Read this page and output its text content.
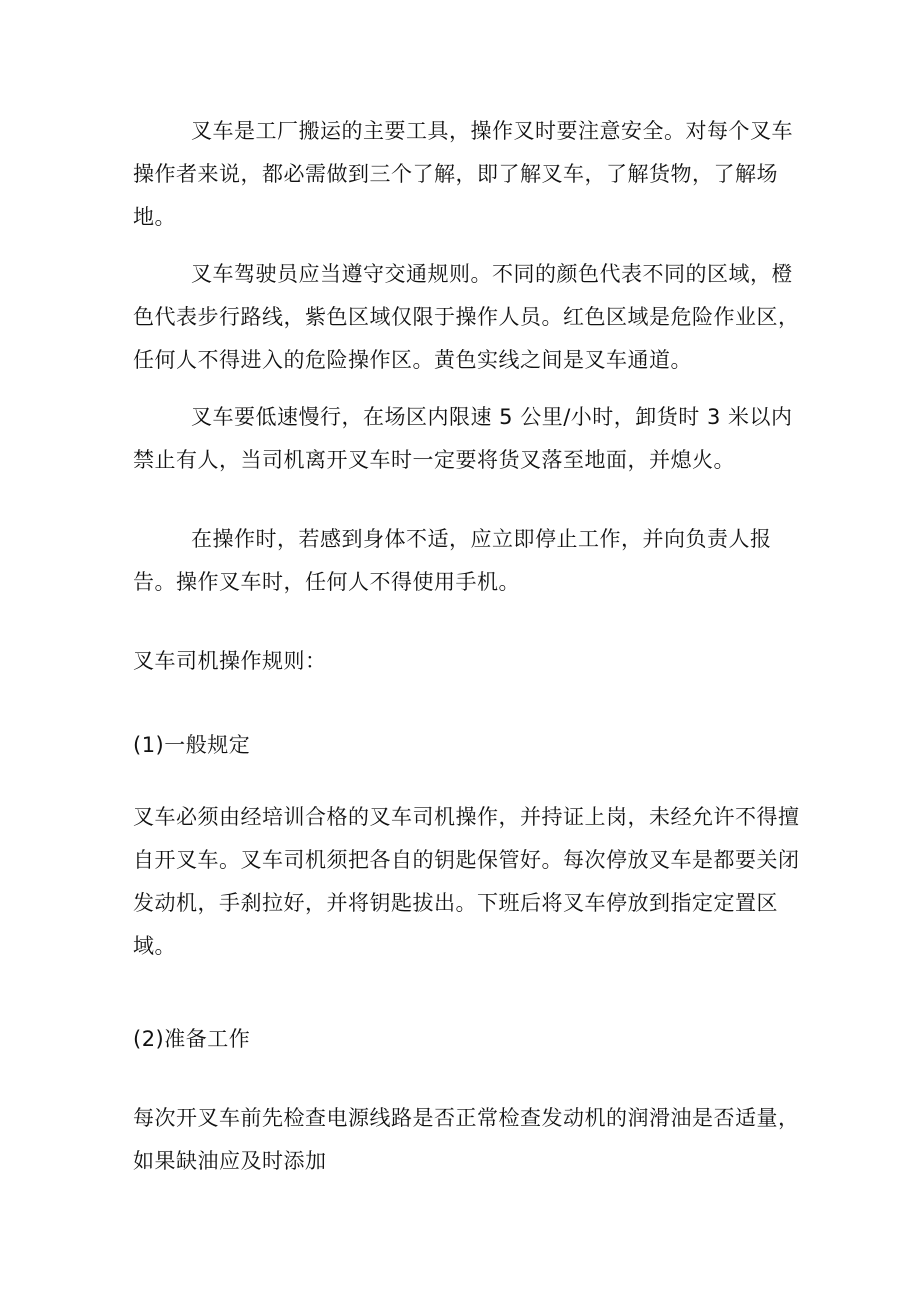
叉车是工厂搬运的主要工具，操作叉时要注意安全。对每个叉车操作者来说，都必需做到三个了解，即了解叉车，了解货物，了解场地。

叉车驾驶员应当遵守交通规则。不同的颜色代表不同的区域，橙色代表步行路线，紫色区域仅限于操作人员。红色区域是危险作业区，任何人不得进入的危险操作区。黄色实线之间是叉车通道。

叉车要低速慢行，在场区内限速 5 公里/小时，卸货时 3 米以内禁止有人，当司机离开叉车时一定要将货叉落至地面，并熄火。

在操作时，若感到身体不适，应立即停止工作，并向负责人报告。操作叉车时，任何人不得使用手机。

叉车司机操作规则：

(1)一般规定

叉车必须由经培训合格的叉车司机操作，并持证上岗，未经允许不得擅自开叉车。叉车司机须把各自的钥匙保管好。每次停放叉车是都要关闭发动机，手刹拉好，并将钥匙拔出。下班后将叉车停放到指定定置区域。

(2)准备工作

每次开叉车前先检查电源线路是否正常检查发动机的润滑油是否适量，如果缺油应及时添加
